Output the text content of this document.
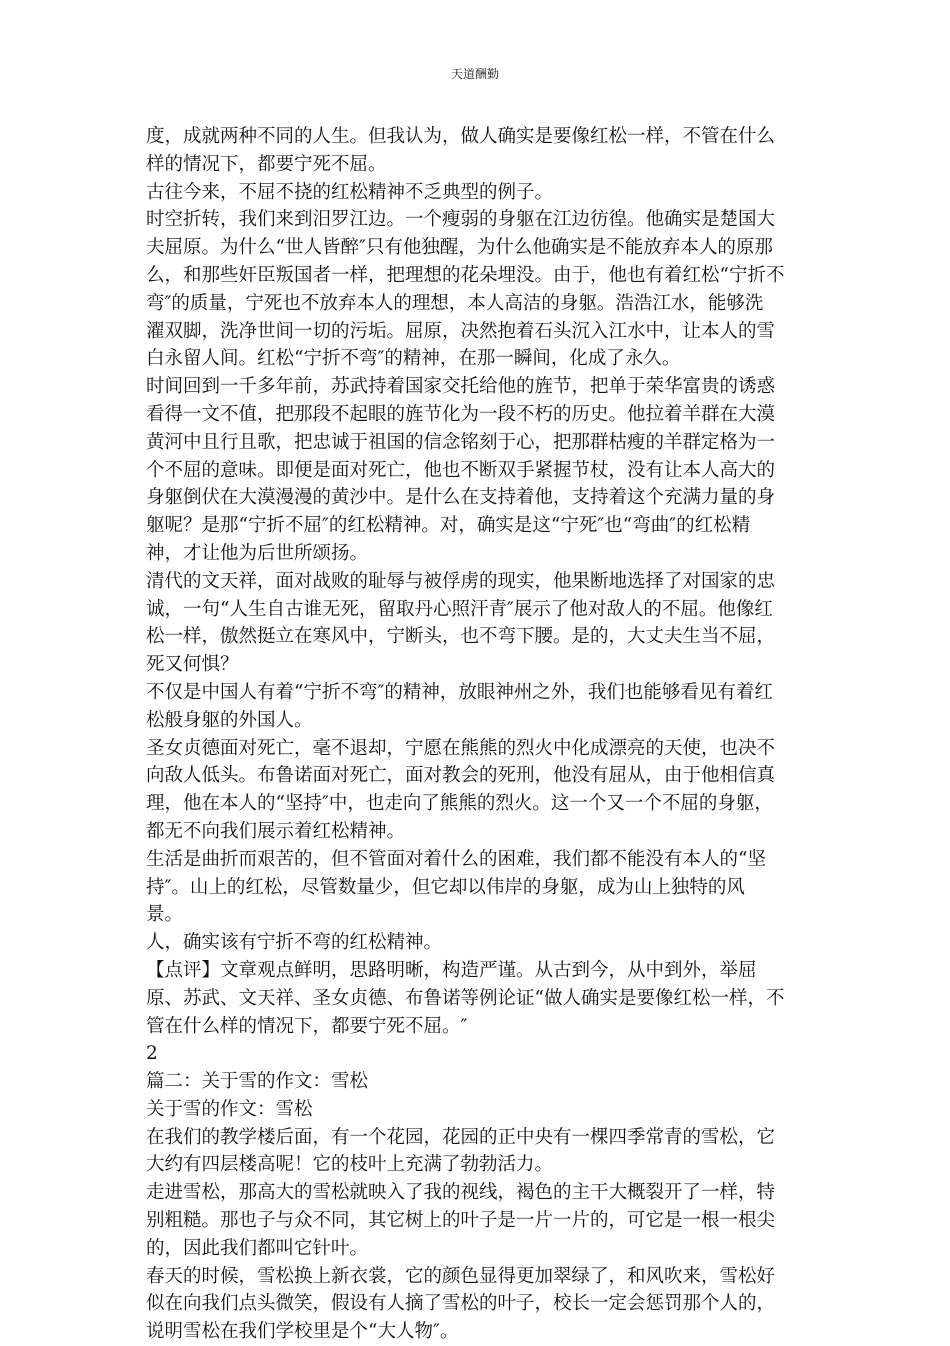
天道酬勤
度，成就两种不同的人生。但我认为，做人确实是要像红松一样，不管在什么
样的情况下，都要宁死不屈。
古往今来，不屈不挠的红松精神不乏典型的例子。
时空折转，我们来到汨罗江边。一个瘦弱的身躯在江边彷徨。他确实是楚国大
夫屈原。为什么“世人皆醉″只有他独醒，为什么他确实是不能放弃本人的原那
么，和那些奸臣叛国者一样，把理想的花朵埋没。由于，他也有着红松“宁折不
弯″的质量，宁死也不放弃本人的理想，本人高洁的身躯。浩浩江水，能够洗
濯双脚，洗净世间一切的污垢。屈原，决然抱着石头沉入江水中，让本人的雪
白永留人间。红松“宁折不弯″的精神，在那一瞬间，化成了永久。
时间回到一千多年前，苏武持着国家交托给他的旌节，把单于荣华富贵的诱惑
看得一文不值，把那段不起眼的旌节化为一段不朽的历史。他拉着羊群在大漠
黄河中且行且歌，把忠诚于祖国的信念铭刻于心，把那群枯瘦的羊群定格为一
个不屈的意味。即便是面对死亡，他也不断双手紧握节杖，没有让本人高大的
身躯倒伏在大漠漫漫的黄沙中。是什么在支持着他，支持着这个充满力量的身
躯呢？是那“宁折不屈″的红松精神。对，确实是这“宁死″也“弯曲″的红松精
神，才让他为后世所颂扬。
清代的文天祥，面对战败的耻辱与被俘虏的现实，他果断地选择了对国家的忠
诚，一句“人生自古谁无死，留取丹心照汗青″展示了他对敌人的不屈。他像红
松一样，傲然挺立在寒风中，宁断头，也不弯下腰。是的，大丈夫生当不屈，
死又何惧？
不仅是中国人有着“宁折不弯″的精神，放眼神州之外，我们也能够看见有着红
松般身躯的外国人。
圣女贞德面对死亡，毫不退却，宁愿在熊熊的烈火中化成漂亮的天使，也决不
向敌人低头。布鲁诺面对死亡，面对教会的死刑，他没有屈从，由于他相信真
理，他在本人的“坚持″中，也走向了熊熊的烈火。这一个又一个不屈的身躯，
都无不向我们展示着红松精神。
生活是曲折而艰苦的，但不管面对着什么的困难，我们都不能没有本人的“坚
持″。山上的红松，尽管数量少，但它却以伟岸的身躯，成为山上独特的风
景。
人，确实该有宁折不弯的红松精神。
【点评】文章观点鲜明，思路明晰，构造严谨。从古到今，从中到外，举屈
原、苏武、文天祥、圣女贞德、布鲁诺等例论证“做人确实是要像红松一样，不
管在什么样的情况下，都要宁死不屈。″
2
篇二：关于雪的作文：雪松
关于雪的作文：雪松
在我们的教学楼后面，有一个花园，花园的正中央有一棵四季常青的雪松，它
大约有四层楼高呢！它的枝叶上充满了勃勃活力。
走进雪松，那高大的雪松就映入了我的视线，褐色的主干大概裂开了一样，特
别粗糙。那也子与众不同，其它树上的叶子是一片一片的，可它是一根一根尖
的，因此我们都叫它针叶。
春天的时候，雪松换上新衣裳，它的颜色显得更加翠绿了，和风吹来，雪松好
似在向我们点头微笑，假设有人摘了雪松的叶子，校长一定会惩罚那个人的，
说明雪松在我们学校里是个“大人物″。
